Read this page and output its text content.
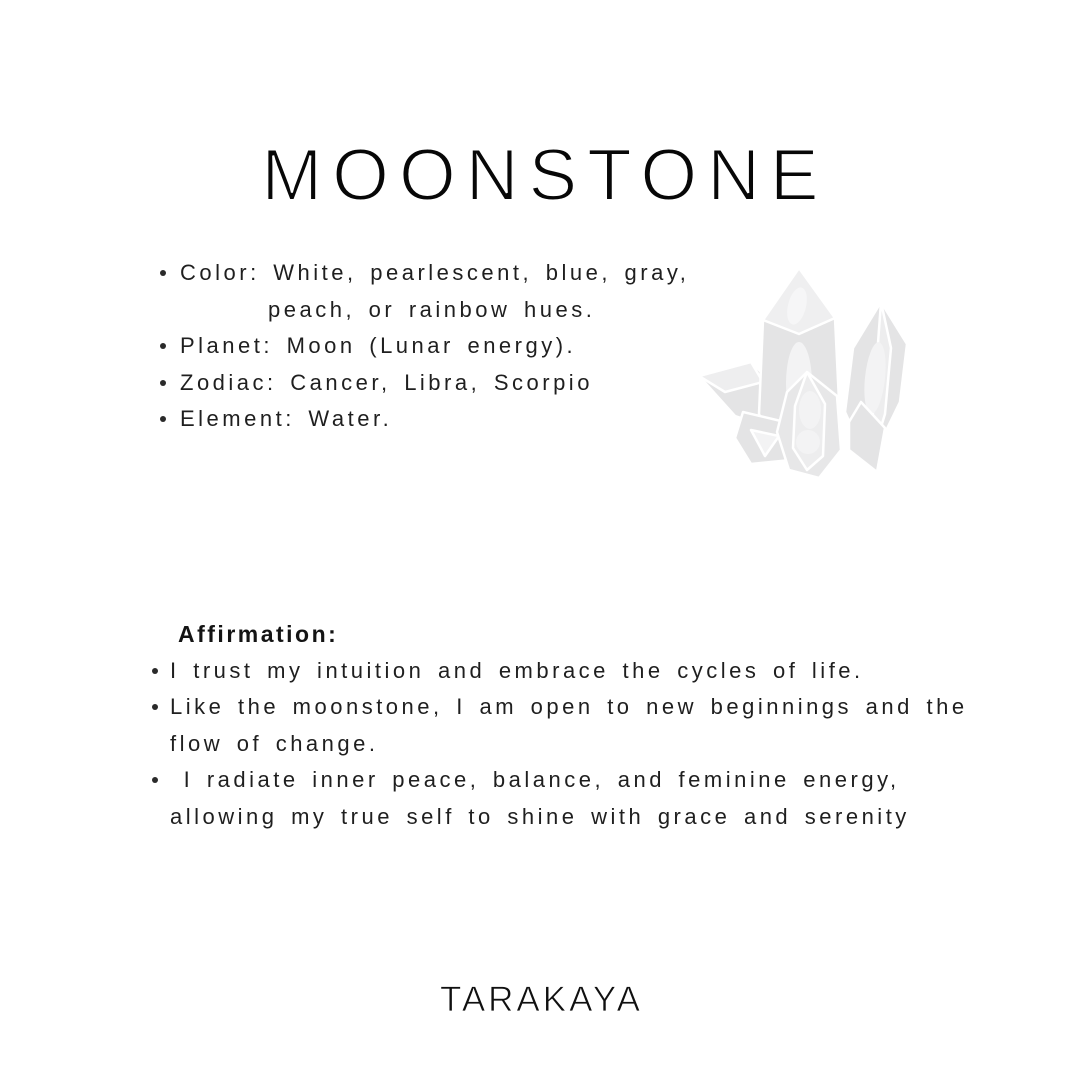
MOONSTONE
Color: White, pearlescent, blue, gray,
peach, or rainbow hues.
Planet: Moon (Lunar energy).
Zodiac: Cancer, Libra, Scorpio
Element: Water.
Affirmation:
I trust my intuition and embrace the cycles of life.
Like the moonstone, I am open to new beginnings and the
flow of change.
I radiate inner peace, balance, and feminine energy,
allowing my true self to shine with grace and serenity
TARAKAYA
